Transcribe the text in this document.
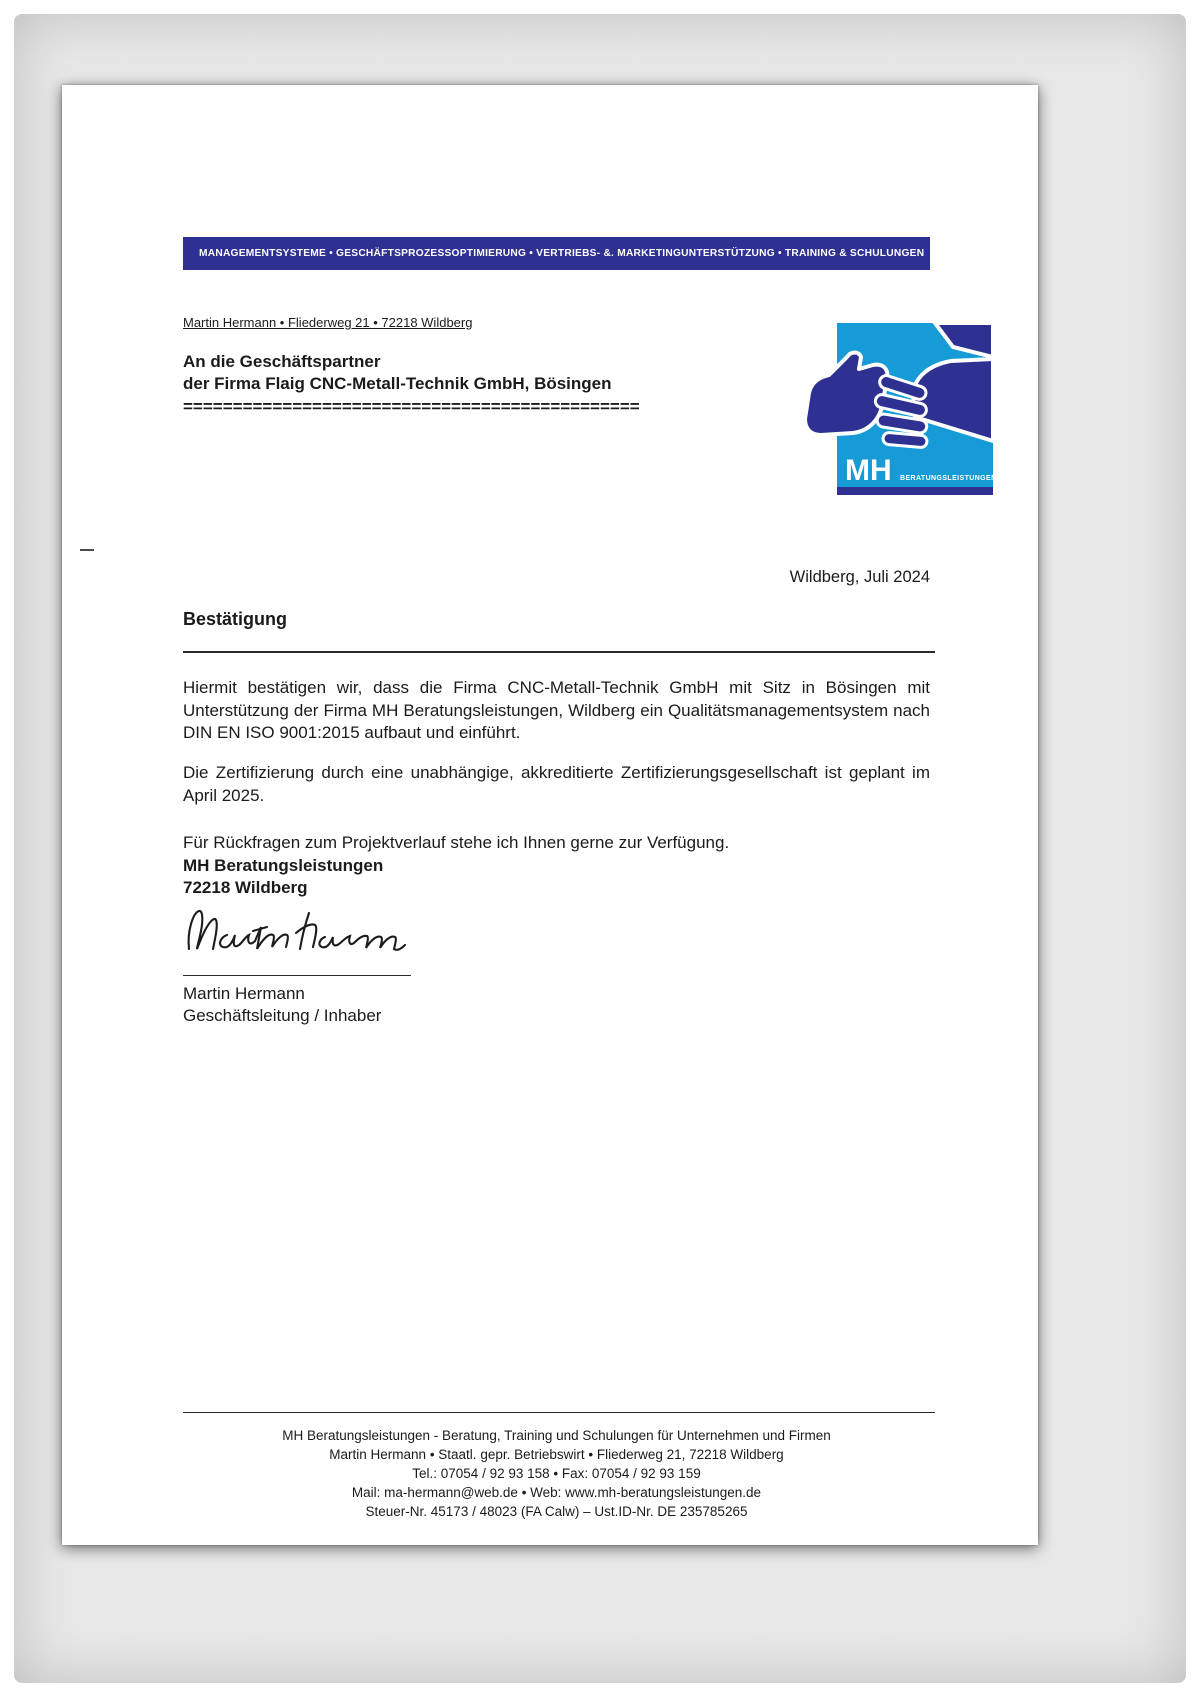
MANAGEMENTSYSTEME • GESCHÄFTSPROZESSOPTIMIERUNG • VERTRIEBS- &. MARKETINGUNTERSTÜTZUNG • TRAINING & SCHULUNGEN
Martin Hermann • Fliederweg 21 • 72218 Wildberg
An die Geschäftspartner
der Firma Flaig CNC-Metall-Technik GmbH, Bösingen
==============================================
MH BERATUNGSLEISTUNGEN
Wildberg, Juli 2024
Bestätigung
Hiermit bestätigen wir, dass die Firma CNC-Metall-Technik GmbH mit Sitz in Bösingen mit Unterstützung der Firma MH Beratungsleistungen, Wildberg ein Qualitätsmanagementsystem nach DIN EN ISO 9001:2015 aufbaut und einführt.
Die Zertifizierung durch eine unabhängige, akkreditierte Zertifizierungsgesellschaft ist geplant im April 2025.
Für Rückfragen zum Projektverlauf stehe ich Ihnen gerne zur Verfügung.
MH Beratungsleistungen
72218 Wildberg
Martin Hermann
Geschäftsleitung / Inhaber
MH Beratungsleistungen - Beratung, Training und Schulungen für Unternehmen und Firmen
Martin Hermann • Staatl. gepr. Betriebswirt • Fliederweg 21, 72218 Wildberg
Tel.: 07054 / 92 93 158 • Fax: 07054 / 92 93 159
Mail: ma-hermann@web.de • Web: www.mh-beratungsleistungen.de
Steuer-Nr. 45173 / 48023 (FA Calw) – Ust.ID-Nr. DE 235785265
